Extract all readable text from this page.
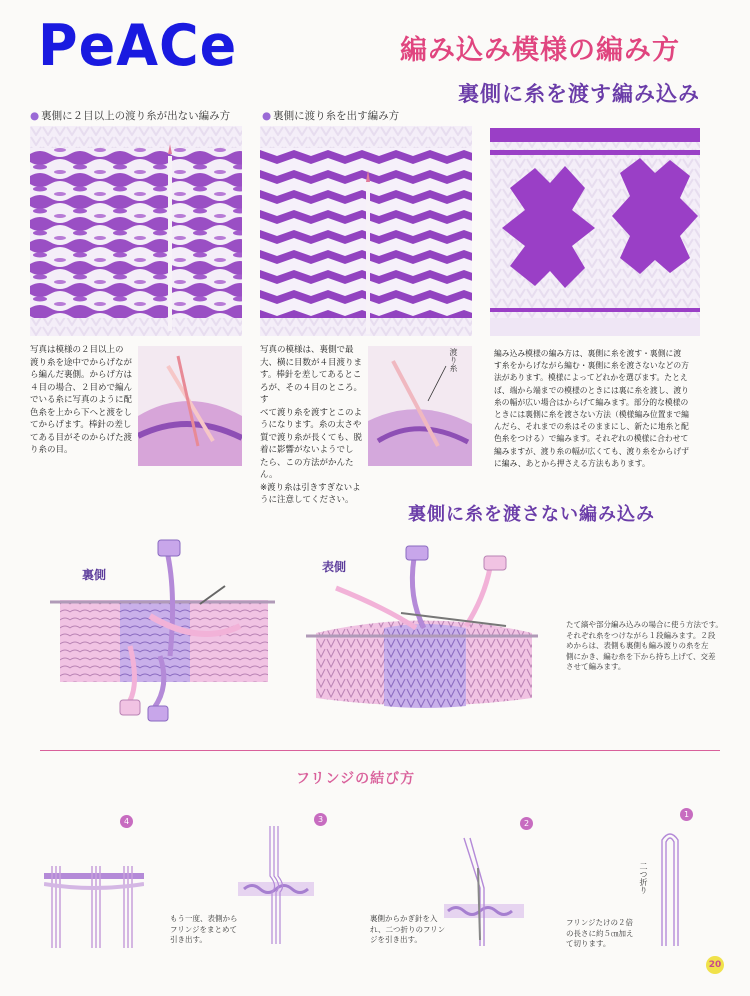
PeACe	編み込み模様の編み方
裏側に糸を渡す編み込み
● 裏側に２目以上の渡り糸が出ない編み方
●	裏側に渡り糸を出す編み方
写真は模様の２目以上の
渡り糸を途中でからげなが
ら編んだ裏側。からげ方は
４目の場合、２目めで編ん
でいる糸に写真のように配
色糸を上から下へと渡をし
てからげます。棒針の差し
てある目がそのからげた渡
り糸の目。
写真の模様は、裏側で最
大、横に目数が４目渡りま
す。棒針を差してあるとこ
ろが、その４目のところ。す
べて渡り糸を渡すとこのよ
うになります。糸の太さや
質で渡り糸が長くても、脱
着に影響がないようでし
たら、この方法がかんたん。
※渡り糸は引きすぎないよ
うに注意してください。
渡り糸	編み込み模様の編み方は、裏側に糸を渡す・裏側に渡
す糸をからげながら編む・裏側に糸を渡さないなどの方
法があります。模様によってどれかを選びます。たとえ
ば、端から端までの模様のときには裏に糸を渡し、渡り
糸の幅が広い場合はからげて編みます。部分的な模様の
ときには裏側に糸を渡さない方法（模様編み位置まで編
んだら、それまでの糸はそのままにし、新たに地糸と配
色糸をつける）で編みます。それぞれの模様に合わせて
編みますが、渡り糸の幅が広くても、渡り糸をからげず
に編み、あとから押さえる方法もあります。
裏側に糸を渡さない編み込み
裏側
表側
たて縞や部分編み込みの場合に使う方法です。
それぞれ糸をつけながら１段編みます。２段
めからは、表側も裏側も編み渡りの糸を左
側にかき、編む糸を下から持ち上げて、交差
させて編みます。
フリンジの結び方
4	3	2
1
もう一度、表側から
フリンジをまとめて
引き出す。
裏側からかぎ針を入
れ、二つ折りのフリン
ジを引き出す。
二つ折り
フリンジたけの２倍
の長さに約５㎝加え
て切ります。
20
